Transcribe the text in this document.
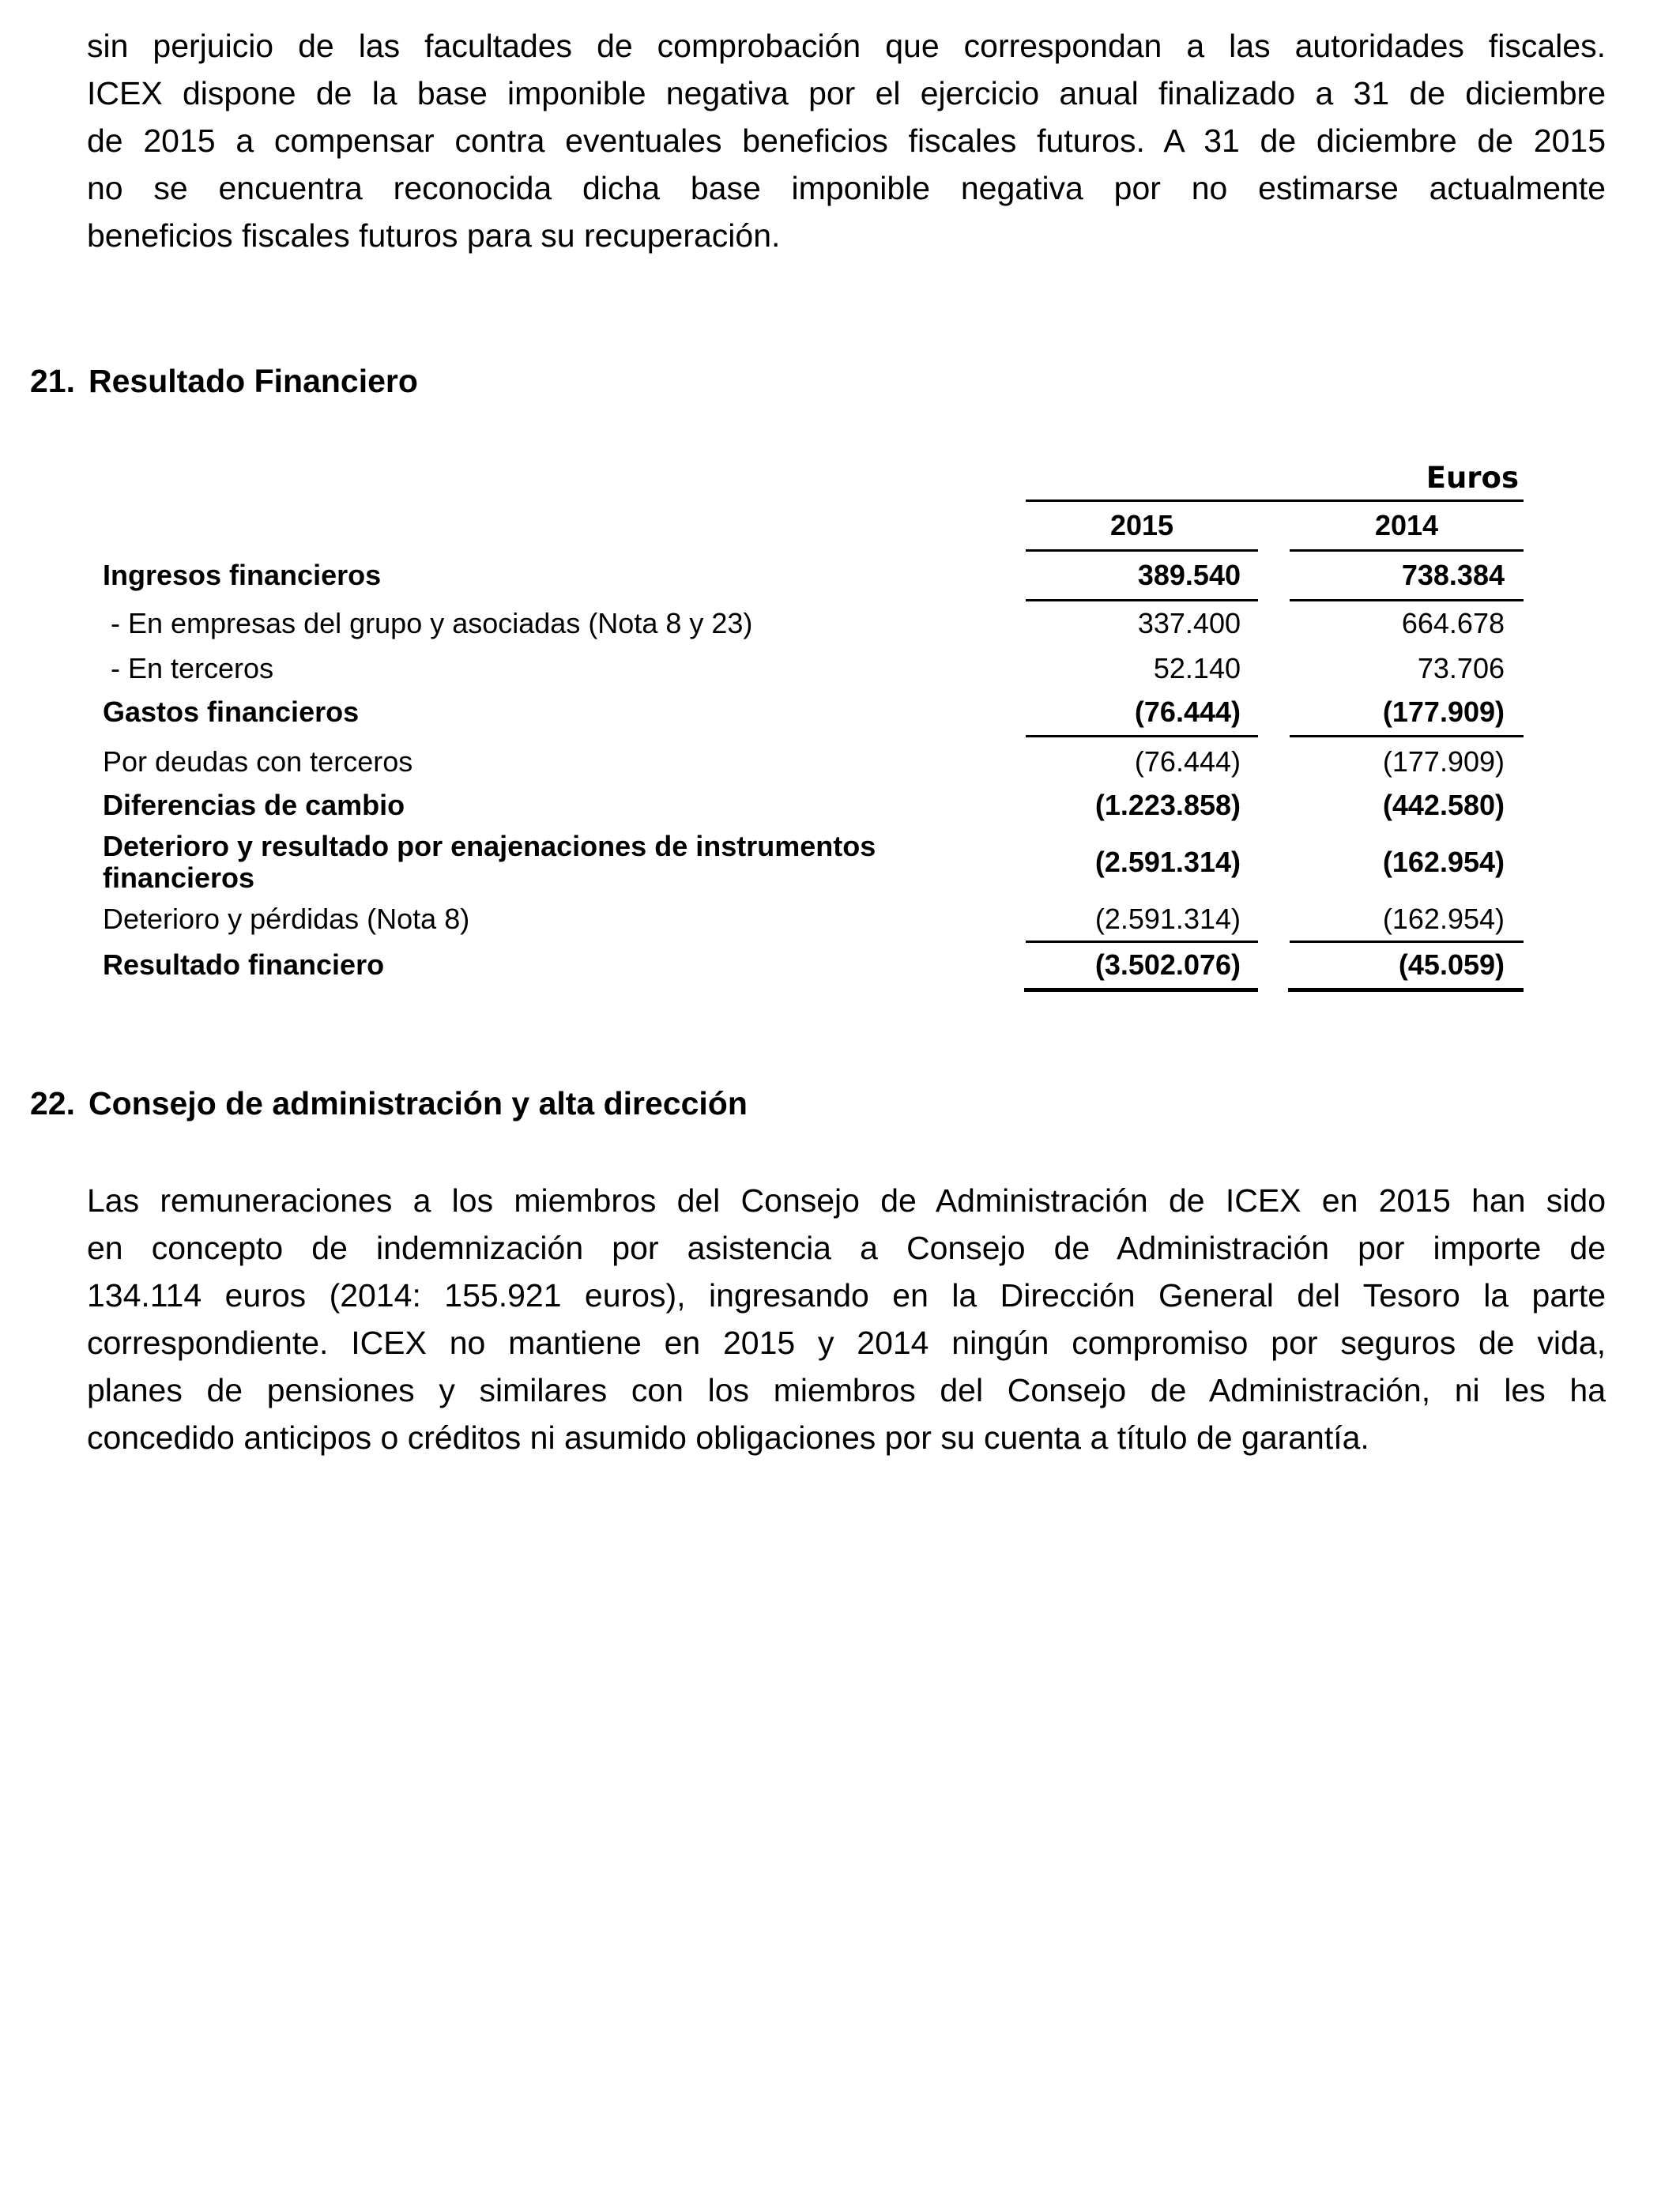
sin perjuicio de las facultades de comprobación que correspondan a las autoridades fiscales.
ICEX dispone de la base imponible negativa por el ejercicio anual finalizado a 31 de diciembre
de 2015 a compensar contra eventuales beneficios fiscales futuros. A 31 de diciembre de 2015
no se encuentra reconocida dicha base imponible negativa por no estimarse actualmente
beneficios fiscales futuros para su recuperación.
21. Resultado Financiero
Euros
2015	2014
Ingresos financieros	389.540	738.384
- En empresas del grupo y asociadas (Nota 8 y 23)	337.400	664.678
- En terceros	52.140	73.706
Gastos financieros	(76.444)	(177.909)
Por deudas con terceros	(76.444)	(177.909)
Diferencias de cambio	(1.223.858)	(442.580)
Deterioro y resultado por enajenaciones de instrumentos
financieros	(2.591.314)	(162.954)
Deterioro y pérdidas (Nota 8)	(2.591.314)	(162.954)
Resultado financiero	(3.502.076)	(45.059)
22. Consejo de administración y alta dirección
Las remuneraciones a los miembros del Consejo de Administración de ICEX en 2015 han sido
en concepto de indemnización por asistencia a Consejo de Administración por importe de
134.114 euros (2014: 155.921 euros), ingresando en la Dirección General del Tesoro la parte
correspondiente. ICEX no mantiene en 2015 y 2014 ningún compromiso por seguros de vida,
planes de pensiones y similares con los miembros del Consejo de Administración, ni les ha
concedido anticipos o créditos ni asumido obligaciones por su cuenta a título de garantía.
